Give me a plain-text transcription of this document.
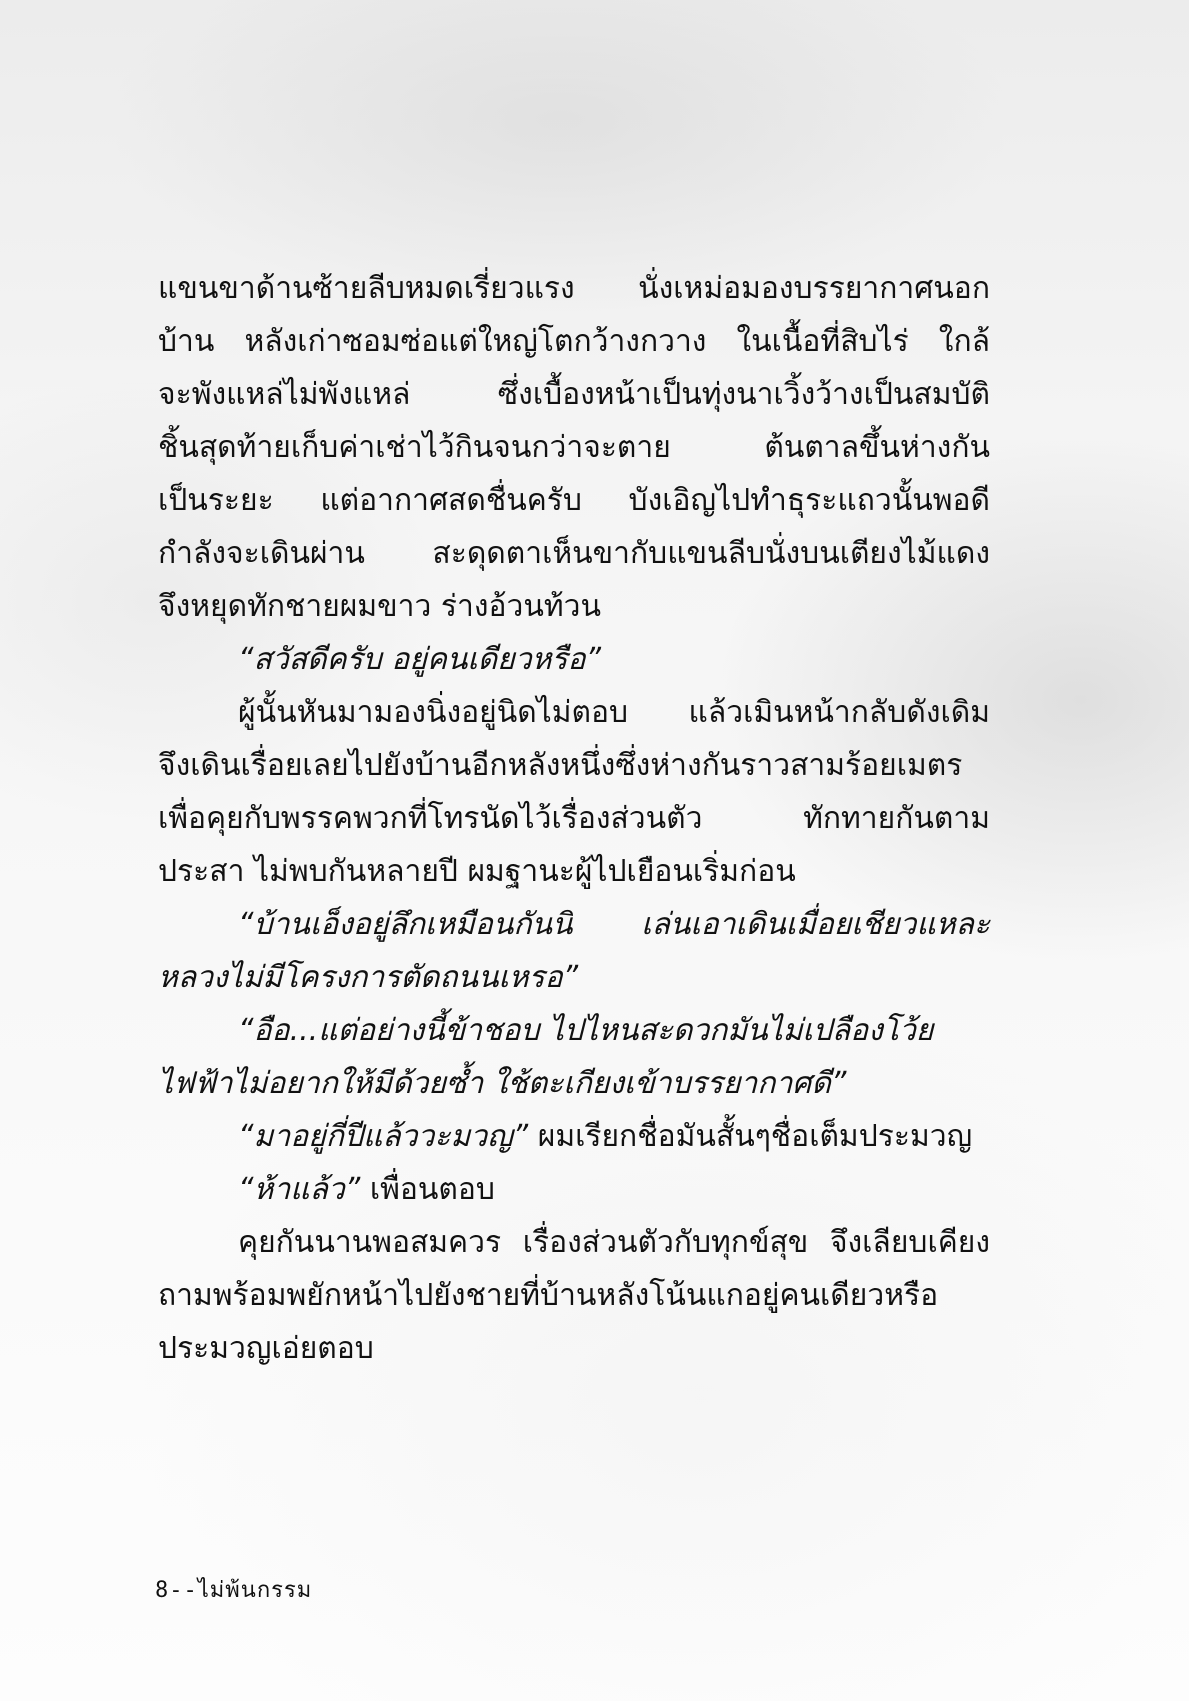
แขนขาด้านซ้ายลีบหมดเรี่ยวแรง นั่งเหม่อมองบรรยากาศนอก
บ้าน หลังเก่าซอมซ่อแต่ใหญ่โตกว้างกวาง ในเนื้อที่สิบไร่ ใกล้
จะพังแหล่ไม่พังแหล่ ซึ่งเบื้องหน้าเป็นทุ่งนาเวิ้งว้างเป็นสมบัติ
ชิ้นสุดท้ายเก็บค่าเช่าไว้กินจนกว่าจะตาย ต้นตาลขึ้นห่างกัน
เป็นระยะ แต่อากาศสดชื่นครับ บังเอิญไปทำธุระแถวนั้นพอดี
กำลังจะเดินผ่าน สะดุดตาเห็นขากับแขนลีบนั่งบนเตียงไม้แดง
จึงหยุดทักชายผมขาว ร่างอ้วนท้วน
“สวัสดีครับ อยู่คนเดียวหรือ”
ผู้นั้นหันมามองนิ่งอยู่นิดไม่ตอบ แล้วเมินหน้ากลับดังเดิม
จึงเดินเรื่อยเลยไปยังบ้านอีกหลังหนึ่งซึ่งห่างกันราวสามร้อยเมตร
เพื่อคุยกับพรรคพวกที่โทรนัดไว้เรื่องส่วนตัว ทักทายกันตาม
ประสา ไม่พบกันหลายปี ผมฐานะผู้ไปเยือนเริ่มก่อน
“บ้านเอ็งอยู่ลึกเหมือนกันนิ เล่นเอาเดินเมื่อยเชียวแหละ
หลวงไม่มีโครงการตัดถนนเหรอ”
“อือ...แต่อย่างนี้ข้าชอบ ไปไหนสะดวกมันไม่เปลืองโว้ย
ไฟฟ้าไม่อยากให้มีด้วยซ้ำ ใช้ตะเกียงเข้าบรรยากาศดี”
“มาอยู่กี่ปีแล้ววะมวญ” ผมเรียกชื่อมันสั้นๆชื่อเต็มประมวญ
“ห้าแล้ว” เพื่อนตอบ
คุยกันนานพอสมควร เรื่องส่วนตัวกับทุกข์สุข จึงเลียบเคียง
ถามพร้อมพยักหน้าไปยังชายที่บ้านหลังโน้นแกอยู่คนเดียวหรือ
ประมวญเอ่ยตอบ
8--ไม่พ้นกรรม
